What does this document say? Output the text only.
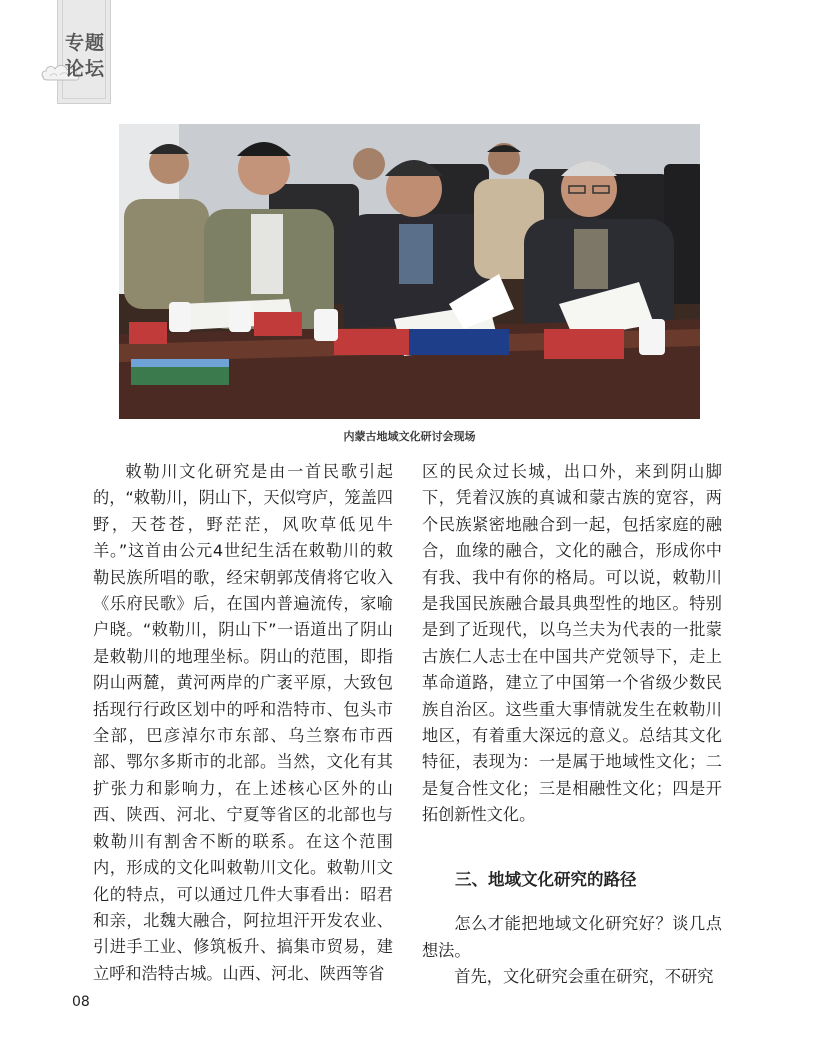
专题
论坛
内蒙古地域文化研讨会现场

敕勒川文化研究是由一首民歌引起的，“敕勒川，阴山下，天似穹庐，笼盖四野，天苍苍，野茫茫，风吹草低见牛羊。”这首由公元4世纪生活在敕勒川的敕勒民族所唱的歌，经宋朝郭茂倩将它收入《乐府民歌》后，在国内普遍流传，家喻户晓。“敕勒川，阴山下”一语道出了阴山是敕勒川的地理坐标。阴山的范围，即指阴山两麓，黄河两岸的广袤平原，大致包括现行行政区划中的呼和浩特市、包头市全部，巴彦淖尔市东部、乌兰察布市西部、鄂尔多斯市的北部。当然，文化有其扩张力和影响力，在上述核心区外的山西、陕西、河北、宁夏等省区的北部也与敕勒川有割舍不断的联系。在这个范围内，形成的文化叫敕勒川文化。敕勒川文化的特点，可以通过几件大事看出：昭君和亲，北魏大融合，阿拉坦汗开发农业、引进手工业、修筑板升、搞集市贸易，建立呼和浩特古城。山西、河北、陕西等省

区的民众过长城，出口外，来到阴山脚下，凭着汉族的真诚和蒙古族的宽容，两个民族紧密地融合到一起，包括家庭的融合，血缘的融合，文化的融合，形成你中有我、我中有你的格局。可以说，敕勒川是我国民族融合最具典型性的地区。特别是到了近现代，以乌兰夫为代表的一批蒙古族仁人志士在中国共产党领导下，走上革命道路，建立了中国第一个省级少数民族自治区。这些重大事情就发生在敕勒川地区，有着重大深远的意义。总结其文化特征，表现为：一是属于地域性文化；二是复合性文化；三是相融性文化；四是开拓创新性文化。

三、地域文化研究的路径

怎么才能把地域文化研究好？谈几点想法。

首先，文化研究会重在研究，不研究

08
